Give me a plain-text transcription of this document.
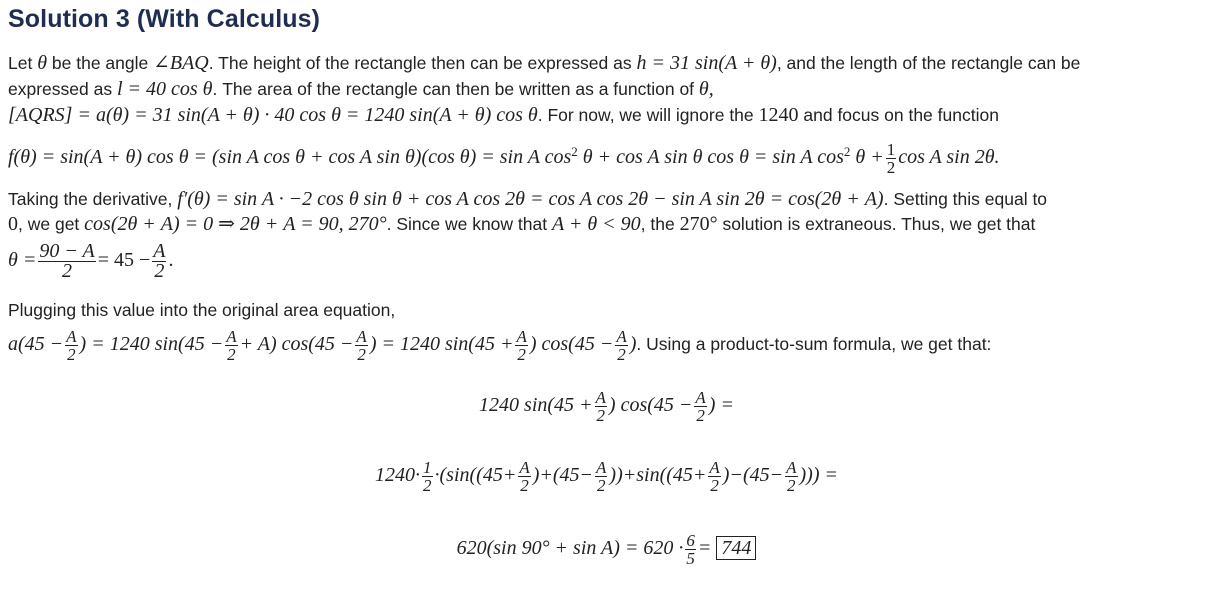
Solution 3 (With Calculus)
Let θ be the angle ∠BAQ. The height of the rectangle then can be expressed as h = 31 sin(A + θ), and the length of the rectangle can be
expressed as l = 40 cos θ. The area of the rectangle can then be written as a function of θ,
[AQRS] = a(θ) = 31 sin(A + θ) · 40 cos θ = 1240 sin(A + θ) cos θ. For now, we will ignore the 1240 and focus on the function
f(θ) = sin(A + θ) cos θ = (sin A cos θ + cos A sin θ)(cos θ) = sin A $\cos^2 \theta + \cos A$ sin θ cos θ = sin A $\cos^2 \theta + \frac{1}{2}$ cos A sin 2θ.
Taking the derivative, f′(θ) = sin A · −2 cos θ sin θ + cos A cos 2θ = cos A cos 2θ − sin A sin 2θ = cos(2θ + A). Setting this equal to
0, we get cos(2θ + A) = 0 ⇒ 2θ + A = 90, 270°. Since we know that A + θ < 90, the 270° solution is extraneous. Thus, we get that
$\theta = \frac{90 - A}{2} = 45 - \frac{A}{2}$ .
Plugging this value into the original area equation,
$a(45 - \frac{A}{2}$ ) = 1240 $\sin(45 - \frac{A}{2} + A)$ $\cos(45 - \frac{A}{2}$ ) = 1240 $\sin(45 + \frac{A}{2}$ ) $\cos(45 - \frac{A}{2}$ ). Using a product-to-sum formula, we get that:
1240 $\sin(45 + \frac{A}{2}$ ) $\cos(45 - \frac{A}{2}$ ) =
$1240\cdot \frac{1}{2} \cdot(\sin((45+ \frac{A}{2} )+(45- \frac{A}{2} ))+\sin((45+ \frac{A}{2} )-(45- \frac{A}{2}$ ))) =
620(sin $90^\circ + \sin A) = 620 \cdot \frac{6}{5} = 744$
